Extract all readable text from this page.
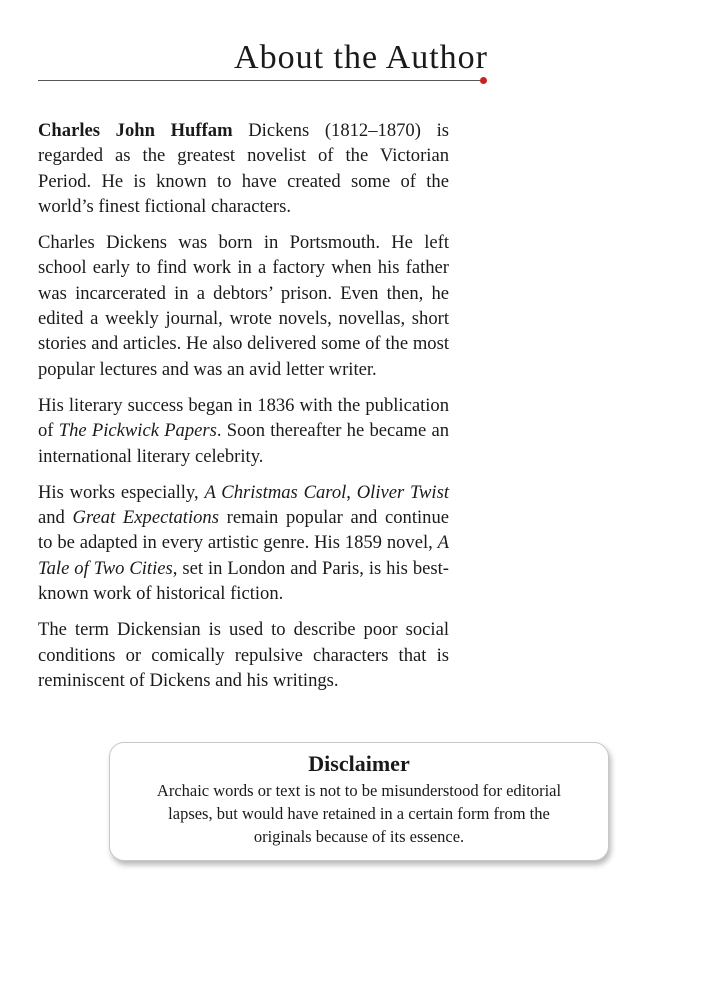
About the Author

Charles John Huffam Dickens (1812–1870) is regarded as the greatest novelist of the Victorian Period. He is known to have created some of the world’s finest fictional characters.

Charles Dickens was born in Portsmouth. He left school early to find work in a factory when his father was incarcerated in a debtors’ prison. Even then, he edited a weekly journal, wrote novels, novellas, short stories and articles. He also delivered some of the most popular lectures and was an avid letter writer.

His literary success began in 1836 with the publication of The Pickwick Papers. Soon thereafter he became an international literary celebrity.

His works especially, A Christmas Carol, Oliver Twist and Great Expectations remain popular and continue to be adapted in every artistic genre. His 1859 novel, A Tale of Two Cities, set in London and Paris, is his best-known work of historical fiction.

The term Dickensian is used to describe poor social conditions or comically repulsive characters that is reminiscent of Dickens and his writings.

Disclaimer

Archaic words or text is not to be misunderstood for editorial lapses, but would have retained in a certain form from the originals because of its essence.
